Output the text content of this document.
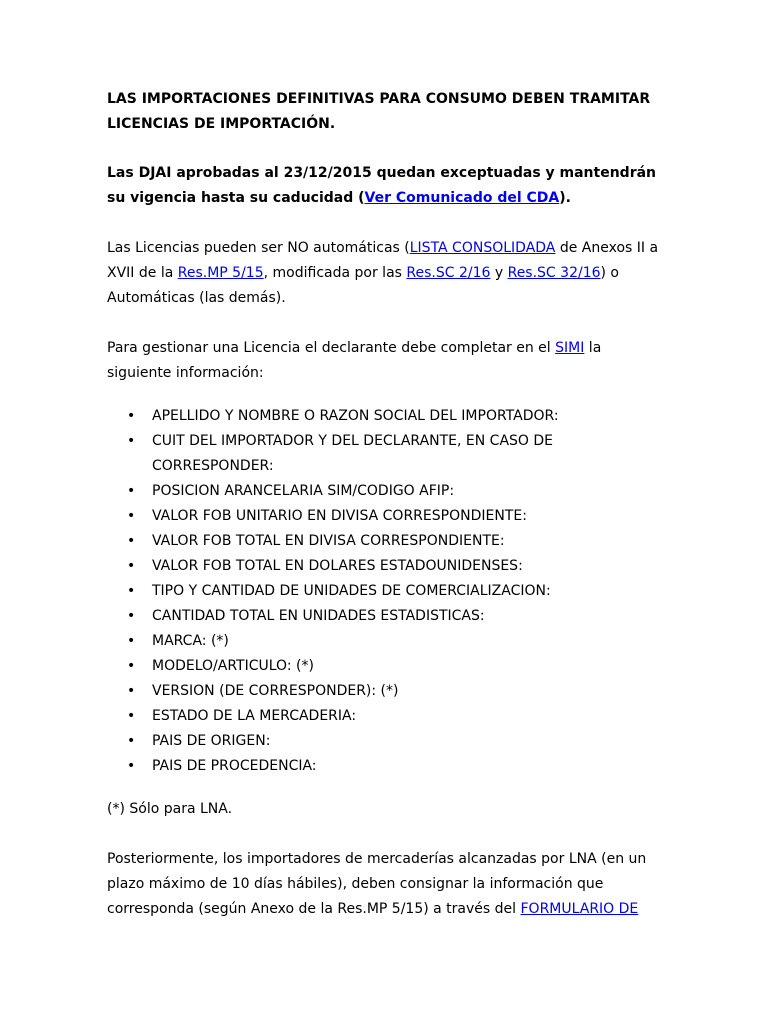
LAS IMPORTACIONES DEFINITIVAS PARA CONSUMO DEBEN TRAMITAR
LICENCIAS DE IMPORTACIÓN.

Las DJAI aprobadas al 23/12/2015 quedan exceptuadas y mantendrán
su vigencia hasta su caducidad (Ver Comunicado del CDA).

Las Licencias pueden ser NO automáticas (LISTA CONSOLIDADA de Anexos II a
XVII de la Res.MP 5/15, modificada por las Res.SC 2/16 y Res.SC 32/16) o
Automáticas (las demás).

Para gestionar una Licencia el declarante debe completar en el SIMI la
siguiente información:

• APELLIDO Y NOMBRE O RAZON SOCIAL DEL IMPORTADOR:
• CUIT DEL IMPORTADOR Y DEL DECLARANTE, EN CASO DE CORRESPONDER:
• POSICION ARANCELARIA SIM/CODIGO AFIP:
• VALOR FOB UNITARIO EN DIVISA CORRESPONDIENTE:
• VALOR FOB TOTAL EN DIVISA CORRESPONDIENTE:
• VALOR FOB TOTAL EN DOLARES ESTADOUNIDENSES:
• TIPO Y CANTIDAD DE UNIDADES DE COMERCIALIZACION:
• CANTIDAD TOTAL EN UNIDADES ESTADISTICAS:
• MARCA: (*)
• MODELO/ARTICULO: (*)
• VERSION (DE CORRESPONDER): (*)
• ESTADO DE LA MERCADERIA:
• PAIS DE ORIGEN:
• PAIS DE PROCEDENCIA:

(*) Sólo para LNA.

Posteriormente, los importadores de mercaderías alcanzadas por LNA (en un
plazo máximo de 10 días hábiles), deben consignar la información que
corresponda (según Anexo de la Res.MP 5/15) a través del FORMULARIO DE
